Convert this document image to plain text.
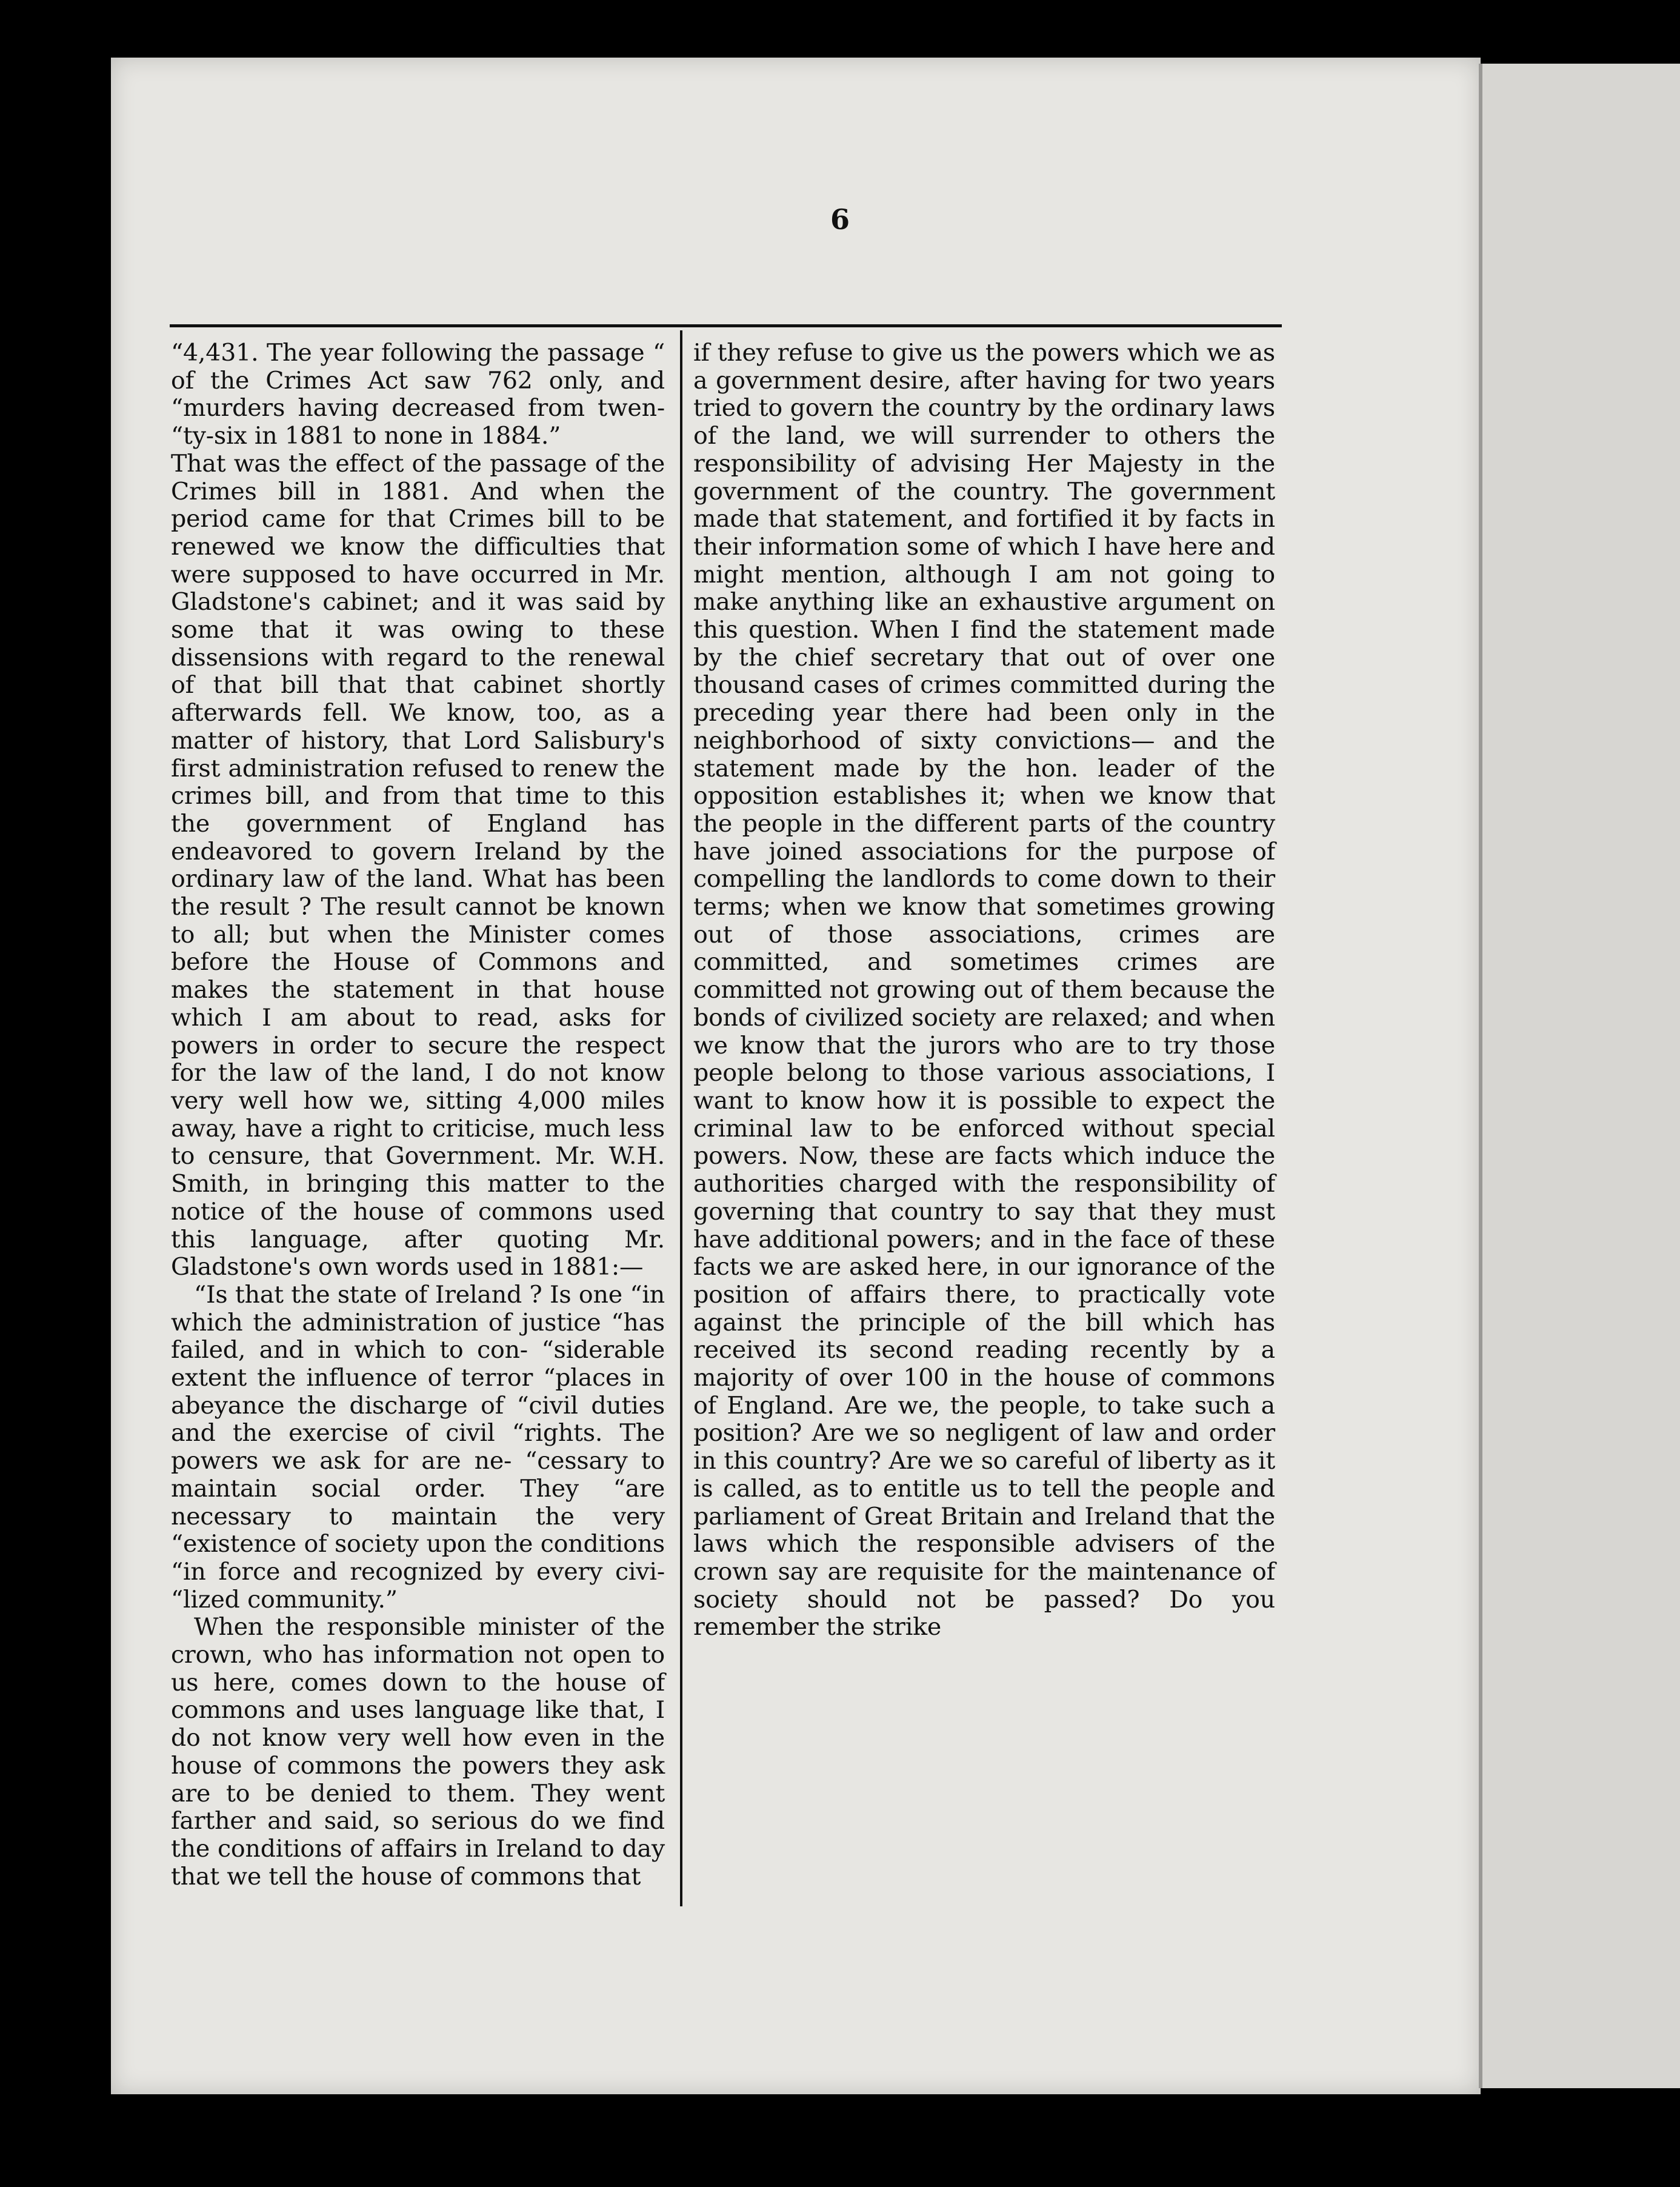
6

“4,431. The year following the passage “ of the Crimes Act saw 762 only, and “murders having decreased from twen- “ty-six in 1881 to none in 1884.”

That was the effect of the passage of the Crimes bill in 1881. And when the period came for that Crimes bill to be renewed we know the difficulties that were supposed to have occurred in Mr. Gladstone's cabinet; and it was said by some that it was owing to these dissensions with regard to the renewal of that bill that that cabinet shortly afterwards fell. We know, too, as a matter of history, that Lord Salisbury's first administration refused to renew the crimes bill, and from that time to this the government of England has endeavored to govern Ireland by the ordinary law of the land. What has been the result ? The result cannot be known to all; but when the Minister comes before the House of Commons and makes the statement in that house which I am about to read, asks for powers in order to secure the respect for the law of the land, I do not know very well how we, sitting 4,000 miles away, have a right to criticise, much less to censure, that Government. Mr. W.H. Smith, in bringing this matter to the notice of the house of commons used this language, after quoting Mr. Gladstone's own words used in 1881:—

“Is that the state of Ireland ? Is one “in which the administration of justice “has failed, and in which to con- “siderable extent the influence of terror “places in abeyance the discharge of “civil duties and the exercise of civil “rights. The powers we ask for are ne- “cessary to maintain social order. They “are necessary to maintain the very “existence of society upon the conditions “in force and recognized by every civi- “lized community.”

When the responsible minister of the crown, who has information not open to us here, comes down to the house of commons and uses language like that, I do not know very well how even in the house of commons the powers they ask are to be denied to them. They went farther and said, so serious do we find the conditions of affairs in Ireland to day that we tell the house of commons that

if they refuse to give us the powers which we as a government desire, after having for two years tried to govern the country by the ordinary laws of the land, we will surrender to others the responsibility of advising Her Majesty in the government of the country. The government made that statement, and fortified it by facts in their information some of which I have here and might mention, although I am not going to make anything like an exhaustive argument on this question. When I find the statement made by the chief secretary that out of over one thousand cases of crimes committed during the preceding year there had been only in the neighborhood of sixty convictions— and the statement made by the hon. leader of the opposition establishes it; when we know that the people in the different parts of the country have joined associations for the purpose of compelling the landlords to come down to their terms; when we know that sometimes growing out of those associations, crimes are committed, and sometimes crimes are committed not growing out of them because the bonds of civilized society are relaxed; and when we know that the jurors who are to try those people belong to those various associations, I want to know how it is possible to expect the criminal law to be enforced without special powers. Now, these are facts which induce the authorities charged with the responsibility of governing that country to say that they must have additional powers; and in the face of these facts we are asked here, in our ignorance of the position of affairs there, to practically vote against the principle of the bill which has received its second reading recently by a majority of over 100 in the house of commons of England. Are we, the people, to take such a position? Are we so negligent of law and order in this country? Are we so careful of liberty as it is called, as to entitle us to tell the people and parliament of Great Britain and Ireland that the laws which the responsible advisers of the crown say are requisite for the maintenance of society should not be passed? Do you remember the strike
